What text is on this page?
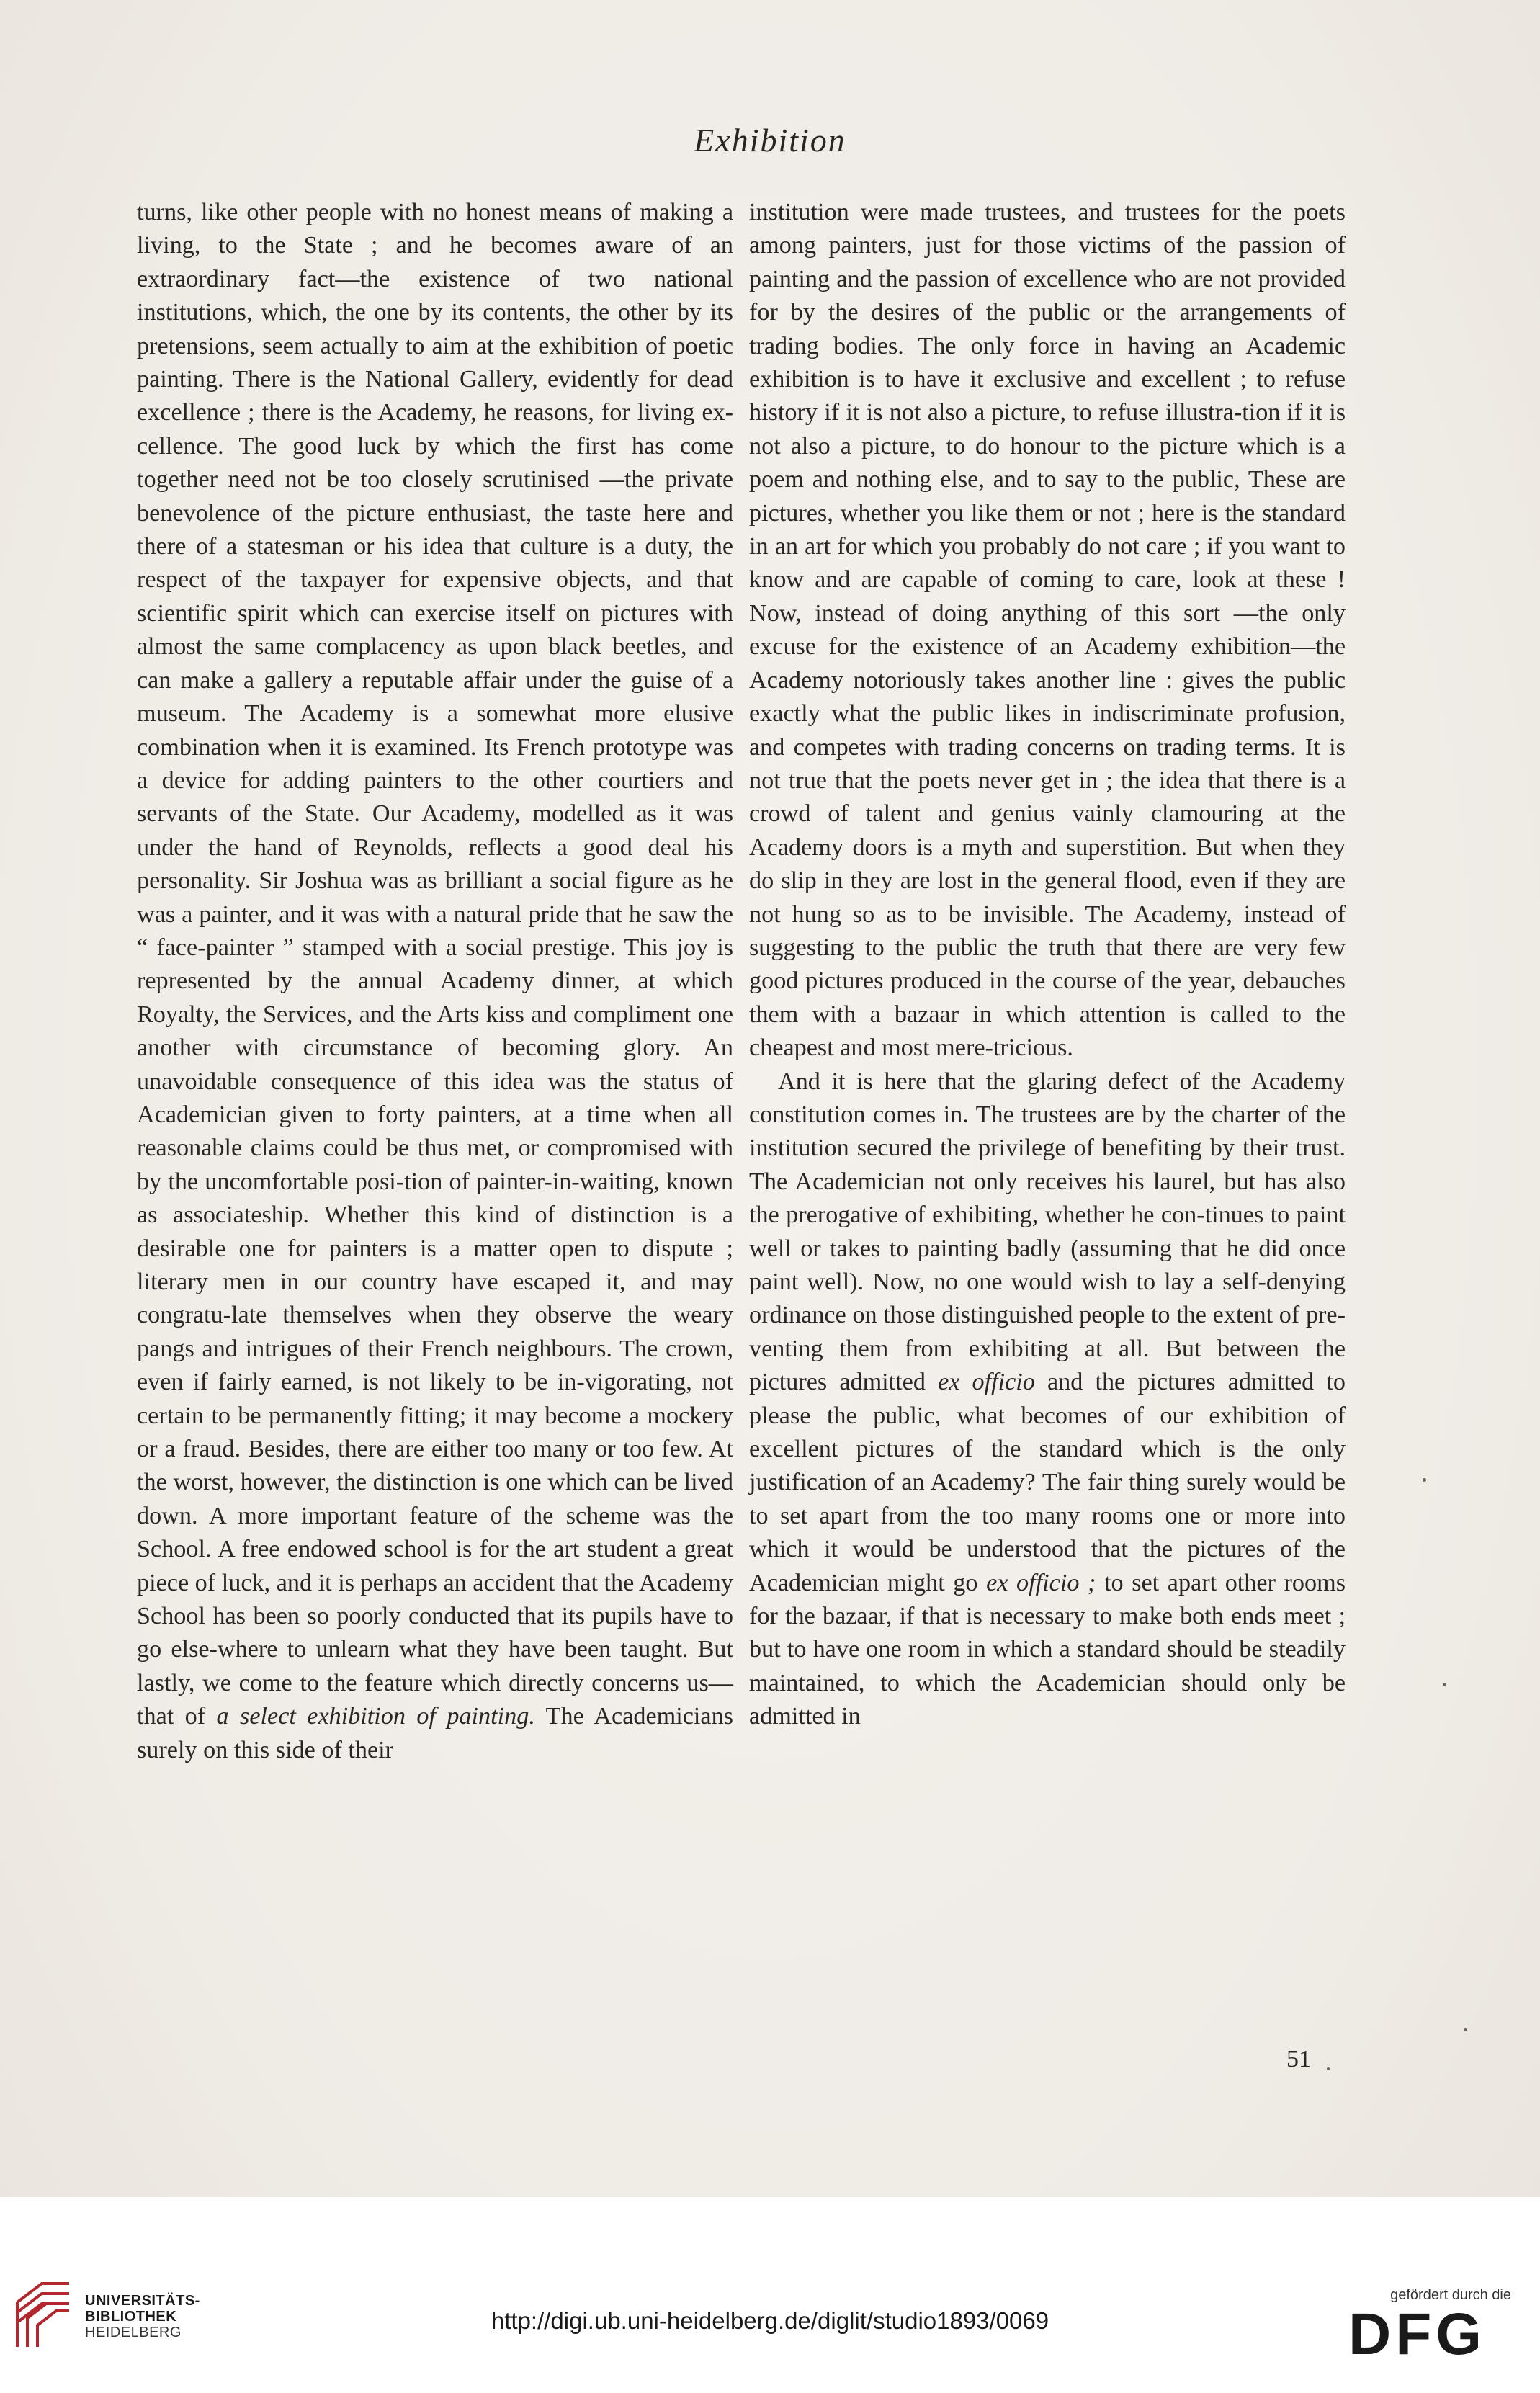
Exhibition

turns, like other people with no honest means of making a living, to the State ; and he becomes aware of an extraordinary fact—the existence of two national institutions, which, the one by its contents, the other by its pretensions, seem actually to aim at the exhibition of poetic painting. There is the National Gallery, evidently for dead excellence ; there is the Academy, he reasons, for living ex-cellence. The good luck by which the first has come together need not be too closely scrutinised —the private benevolence of the picture enthusiast, the taste here and there of a statesman or his idea that culture is a duty, the respect of the taxpayer for expensive objects, and that scientific spirit which can exercise itself on pictures with almost the same complacency as upon black beetles, and can make a gallery a reputable affair under the guise of a museum. The Academy is a somewhat more elusive combination when it is examined. Its French prototype was a device for adding painters to the other courtiers and servants of the State. Our Academy, modelled as it was under the hand of Reynolds, reflects a good deal his personality. Sir Joshua was as brilliant a social figure as he was a painter, and it was with a natural pride that he saw the “ face-painter ” stamped with a social prestige. This joy is represented by the annual Academy dinner, at which Royalty, the Services, and the Arts kiss and compliment one another with circumstance of becoming glory. An unavoidable consequence of this idea was the status of Academician given to forty painters, at a time when all reasonable claims could be thus met, or compromised with by the uncomfortable posi-tion of painter-in-waiting, known as associateship. Whether this kind of distinction is a desirable one for painters is a matter open to dispute ; literary men in our country have escaped it, and may congratu-late themselves when they observe the weary pangs and intrigues of their French neighbours. The crown, even if fairly earned, is not likely to be in-vigorating, not certain to be permanently fitting; it may become a mockery or a fraud. Besides, there are either too many or too few. At the worst, however, the distinction is one which can be lived down. A more important feature of the scheme was the School. A free endowed school is for the art student a great piece of luck, and it is perhaps an accident that the Academy School has been so poorly conducted that its pupils have to go else-where to unlearn what they have been taught. But lastly, we come to the feature which directly concerns us—that of a select exhibition of painting. The Academicians surely on this side of their

institution were made trustees, and trustees for the poets among painters, just for those victims of the passion of painting and the passion of excellence who are not provided for by the desires of the public or the arrangements of trading bodies. The only force in having an Academic exhibition is to have it exclusive and excellent ; to refuse history if it is not also a picture, to refuse illustra-tion if it is not also a picture, to do honour to the picture which is a poem and nothing else, and to say to the public, These are pictures, whether you like them or not ; here is the standard in an art for which you probably do not care ; if you want to know and are capable of coming to care, look at these ! Now, instead of doing anything of this sort —the only excuse for the existence of an Academy exhibition—the Academy notoriously takes another line : gives the public exactly what the public likes in indiscriminate profusion, and competes with trading concerns on trading terms. It is not true that the poets never get in ; the idea that there is a crowd of talent and genius vainly clamouring at the Academy doors is a myth and superstition. But when they do slip in they are lost in the general flood, even if they are not hung so as to be invisible. The Academy, instead of suggesting to the public the truth that there are very few good pictures produced in the course of the year, debauches them with a bazaar in which attention is called to the cheapest and most mere-tricious.

And it is here that the glaring defect of the Academy constitution comes in. The trustees are by the charter of the institution secured the privilege of benefiting by their trust. The Academician not only receives his laurel, but has also the prerogative of exhibiting, whether he con-tinues to paint well or takes to painting badly (assuming that he did once paint well). Now, no one would wish to lay a self-denying ordinance on those distinguished people to the extent of pre-venting them from exhibiting at all. But between the pictures admitted ex officio and the pictures admitted to please the public, what becomes of our exhibition of excellent pictures of the standard which is the only justification of an Academy? The fair thing surely would be to set apart from the too many rooms one or more into which it would be understood that the pictures of the Academician might go ex officio ; to set apart other rooms for the bazaar, if that is necessary to make both ends meet ; but to have one room in which a standard should be steadily maintained, to which the Academician should only be admitted in

51
UNIVERSITÄTS-
BIBLIOTHEK
HEIDELBERG	http://digi.ub.uni-heidelberg.de/diglit/studio1893/0069
gefördert durch die
DFG
